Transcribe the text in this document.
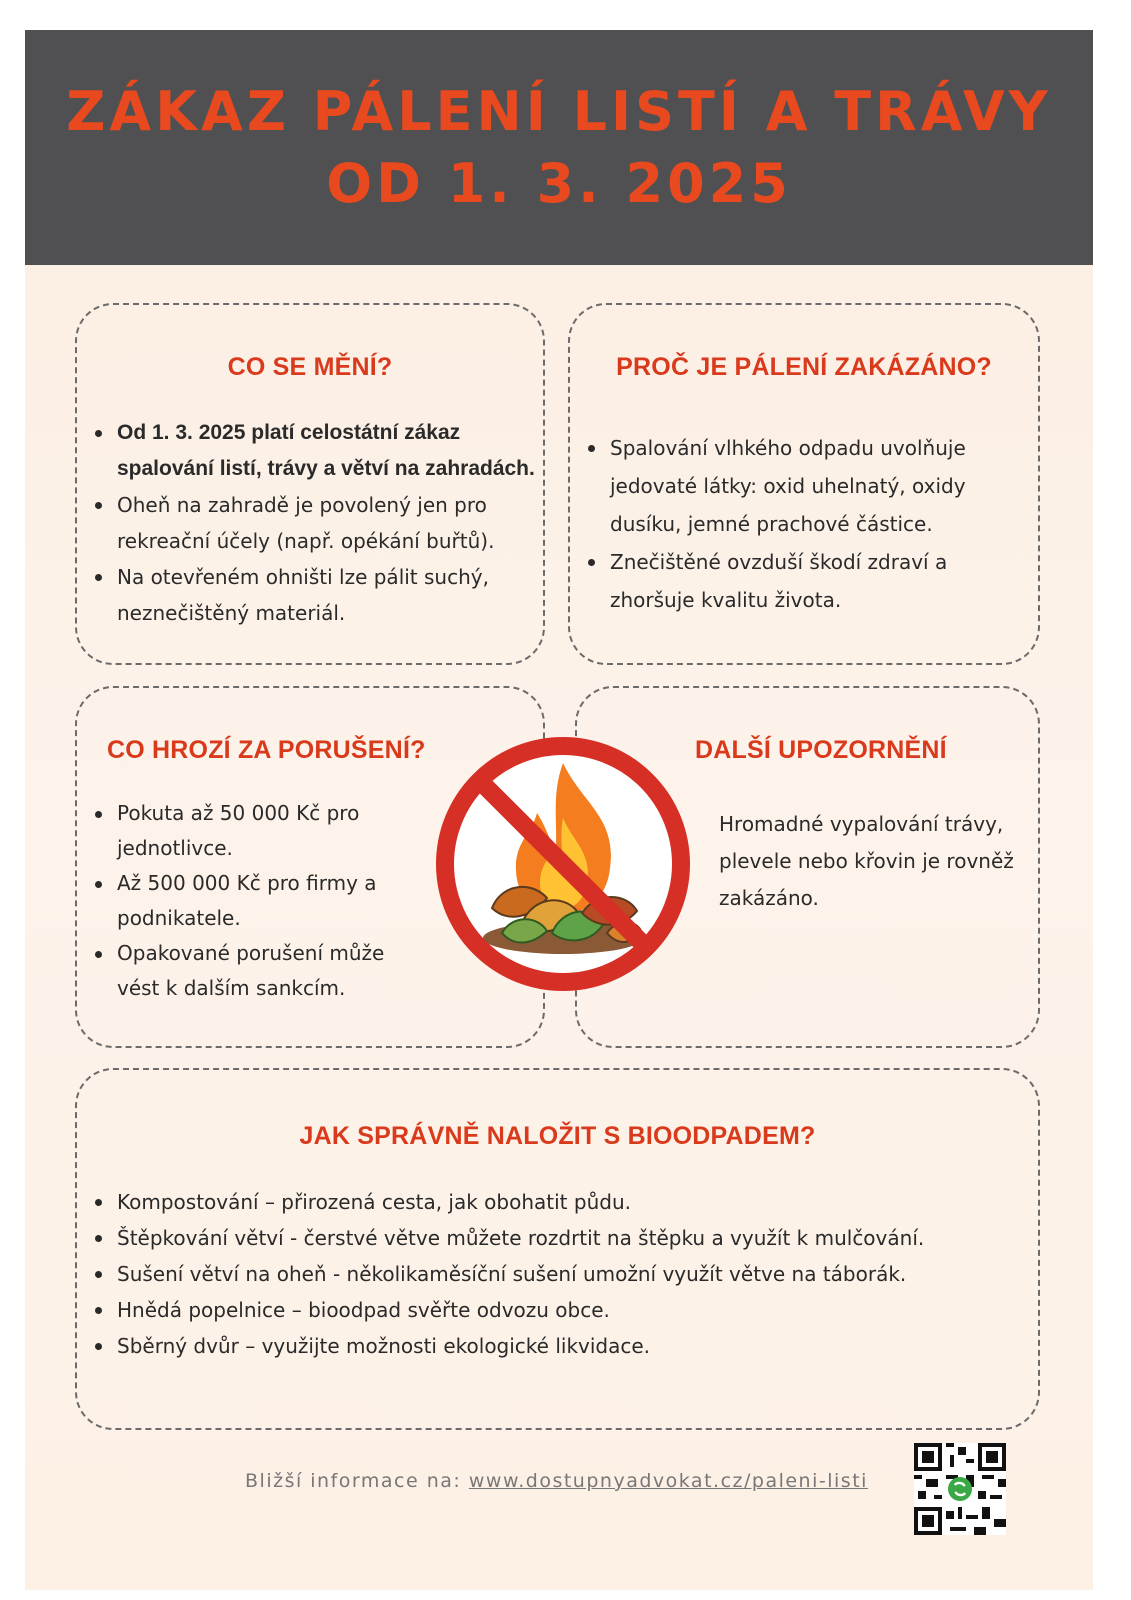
ZÁKAZ PÁLENÍ LISTÍ A TRÁVY
OD 1. 3. 2025
CO SE MĚNÍ?
Od 1. 3. 2025 platí celostátní zákaz spalování listí, trávy a větví na zahradách.
Oheň na zahradě je povolený jen pro rekreační účely (např. opékání buřtů).
Na otevřeném ohništi lze pálit suchý, neznečištěný materiál.
PROČ JE PÁLENÍ ZAKÁZÁNO?
Spalování vlhkého odpadu uvolňuje jedovaté látky: oxid uhelnatý, oxidy dusíku, jemné prachové částice.
Znečištěné ovzduší škodí zdraví a zhoršuje kvalitu života.
CO HROZÍ ZA PORUŠENÍ?
Pokuta až 50 000 Kč pro jednotlivce.
Až 500 000 Kč pro firmy a podnikatele.
Opakované porušení může vést k dalším sankcím.
DALŠÍ UPOZORNĚNÍ
Hromadné vypalování trávy, plevele nebo křovin je rovněž zakázáno.
JAK SPRÁVNĚ NALOŽIT S BIOODPADEM?
Kompostování – přirozená cesta, jak obohatit půdu.
Štěpkování větví - čerstvé větve můžete rozdrtit na štěpku a využít k mulčování.
Sušení větví na oheň - několikaměsíční sušení umožní využít větve na táborák.
Hnědá popelnice – bioodpad svěřte odvozu obce.
Sběrný dvůr – využijte možnosti ekologické likvidace.
Bližší informace na: www.dostupnyadvokat.cz/paleni-listi
